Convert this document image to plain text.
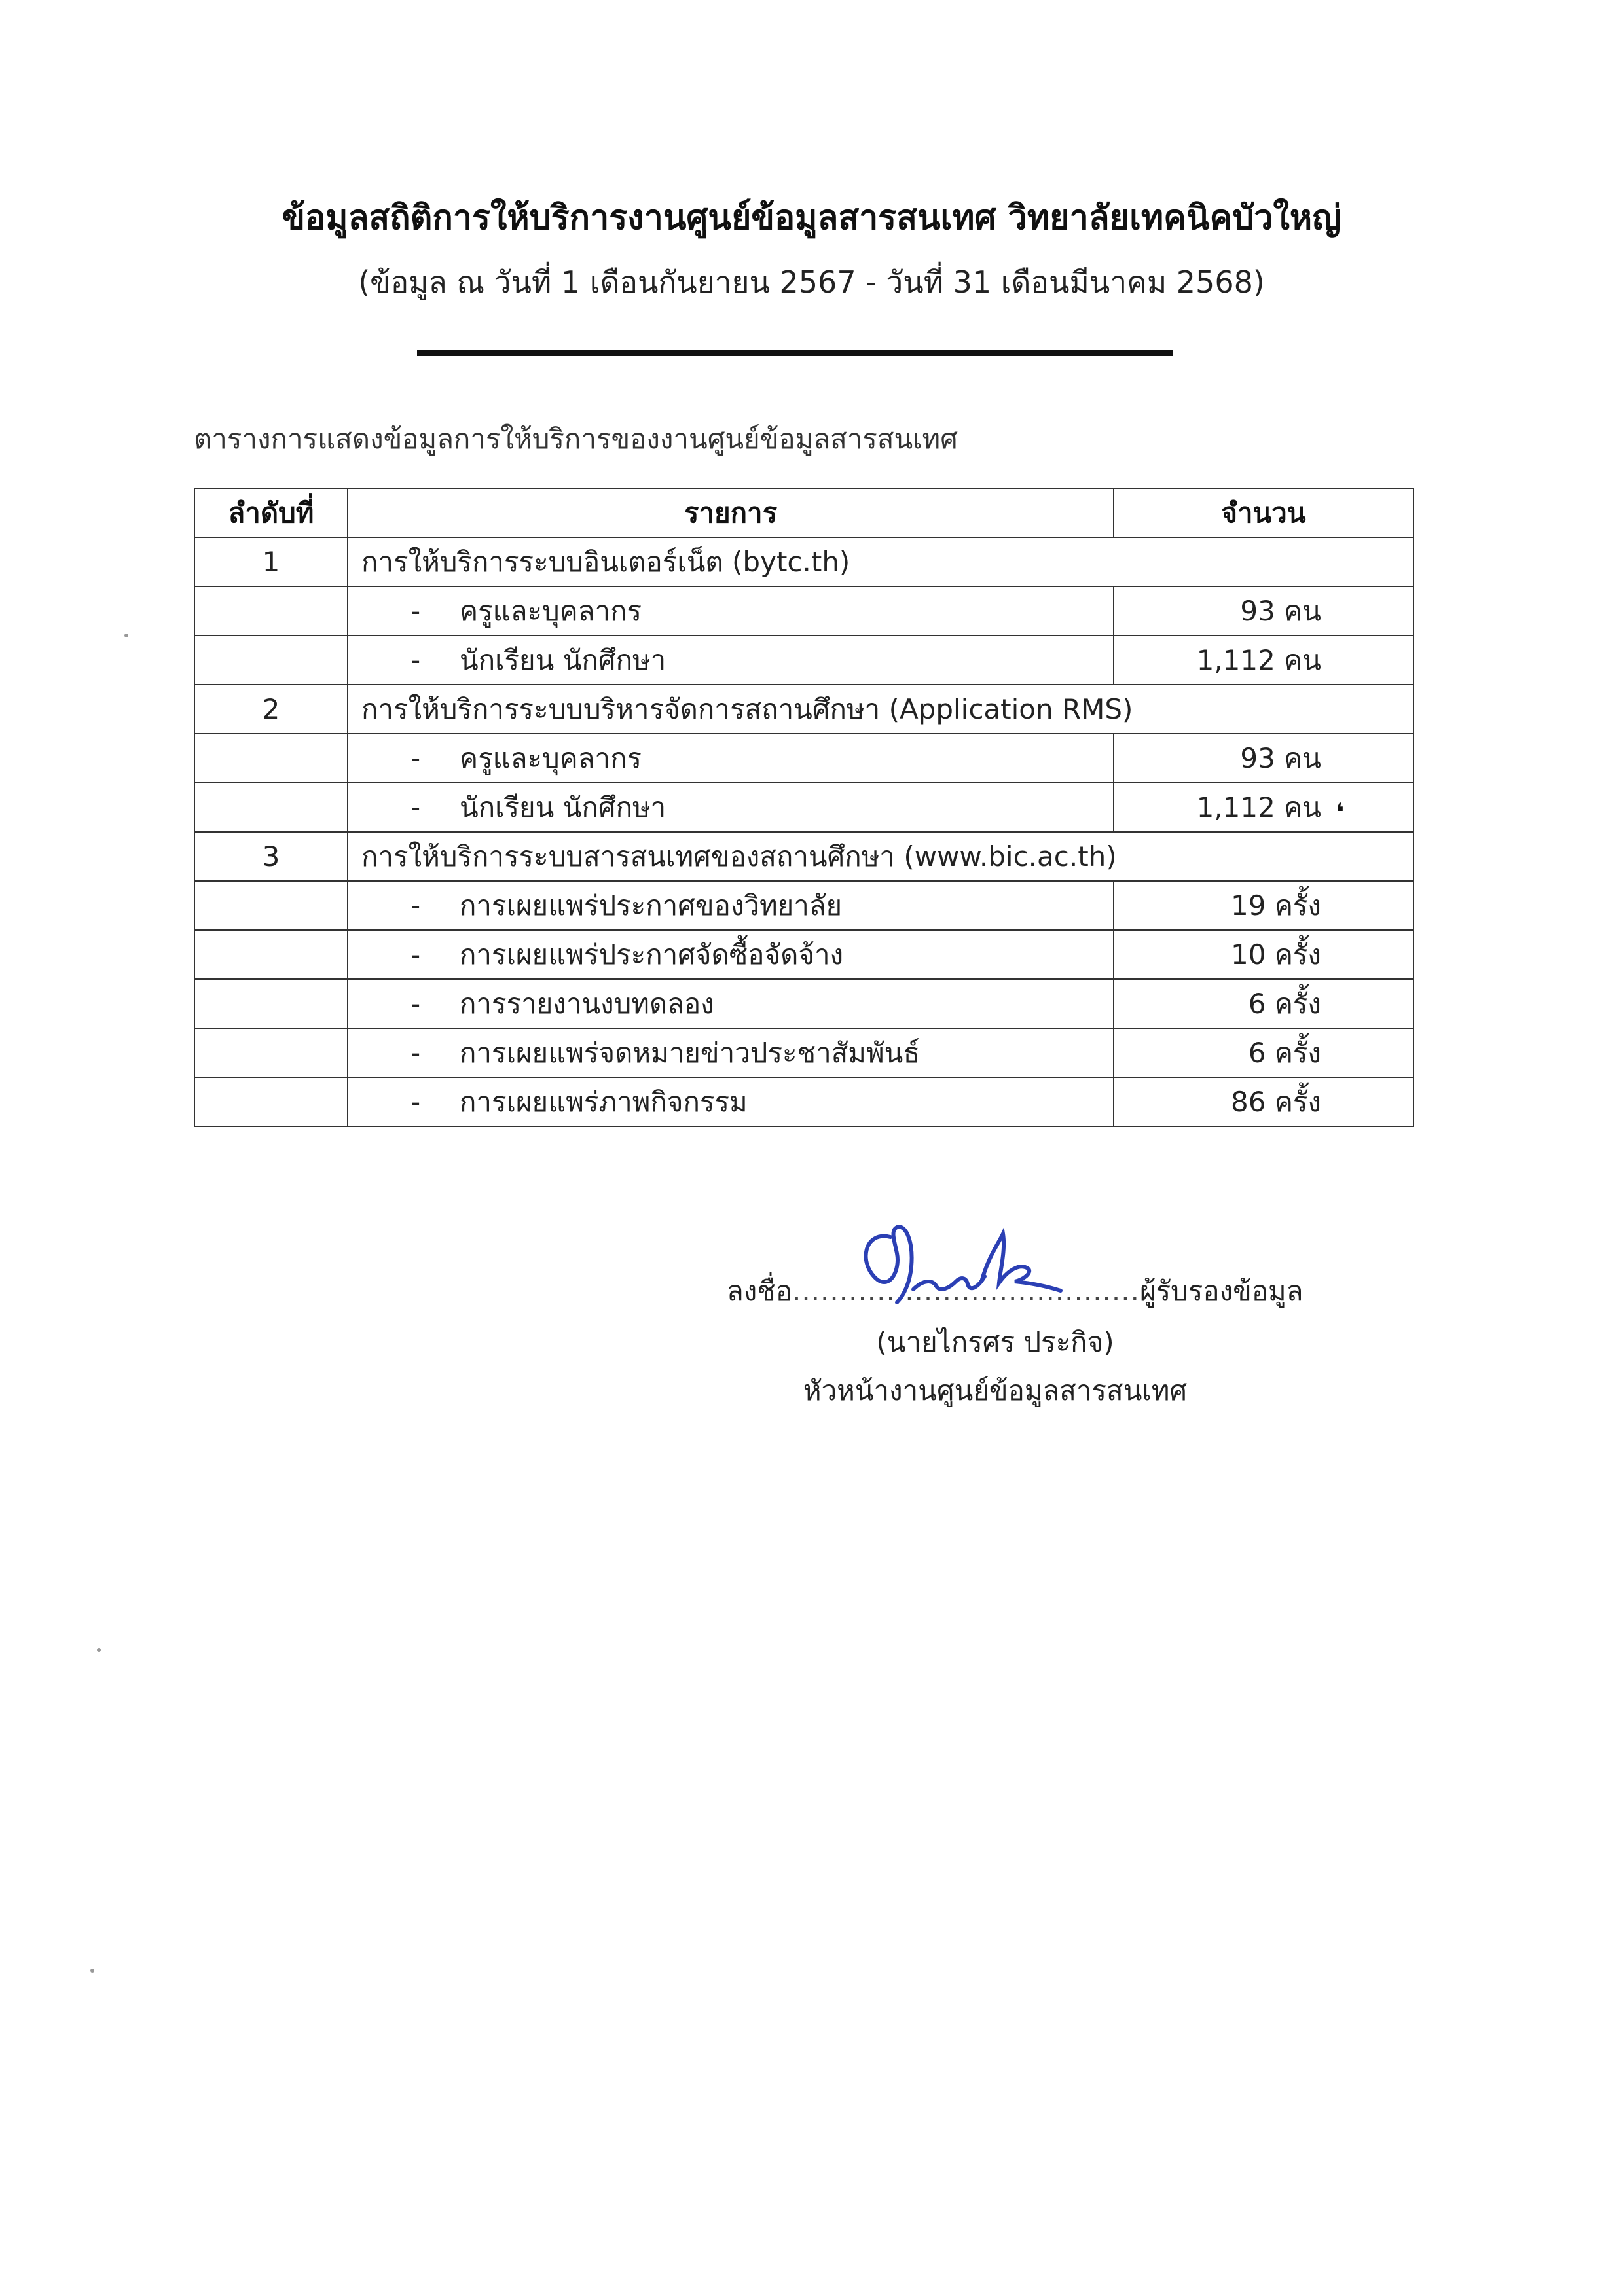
ข้อมูลสถิติการให้บริการงานศูนย์ข้อมูลสารสนเทศ วิทยาลัยเทคนิคบัวใหญ่
(ข้อมูล ณ วันที่ 1 เดือนกันยายน 2567 - วันที่ 31 เดือนมีนาคม 2568)
ตารางการแสดงข้อมูลการให้บริการของงานศูนย์ข้อมูลสารสนเทศ
ลำดับที่	รายการ	จำนวน
1	การให้บริการระบบอินเตอร์เน็ต (bytc.th)	
	- ครูและบุคลากร	93 คน
	- นักเรียน นักศึกษา	1,112 คน
2	การให้บริการระบบบริหารจัดการสถานศึกษา (Application RMS)	
	- ครูและบุคลากร	93 คน
	- นักเรียน นักศึกษา	1,112 คน ❛

3	การให้บริการระบบสารสนเทศของสถานศึกษา (www.bic.ac.th)	
	- การเผยแพร่ประกาศของวิทยาลัย	19 ครั้ง
	- การเผยแพร่ประกาศจัดซื้อจัดจ้าง	10 ครั้ง
	- การรายงานงบทดลอง	6 ครั้ง
	- การเผยแพร่จดหมายข่าวประชาสัมพันธ์	6 ครั้ง
	- การเผยแพร่ภาพกิจกรรม	86 ครั้ง
ลงชื่อ.....................................ผู้รับรองข้อมูล
(นายไกรศร ประกิจ)
หัวหน้างานศูนย์ข้อมูลสารสนเทศ
